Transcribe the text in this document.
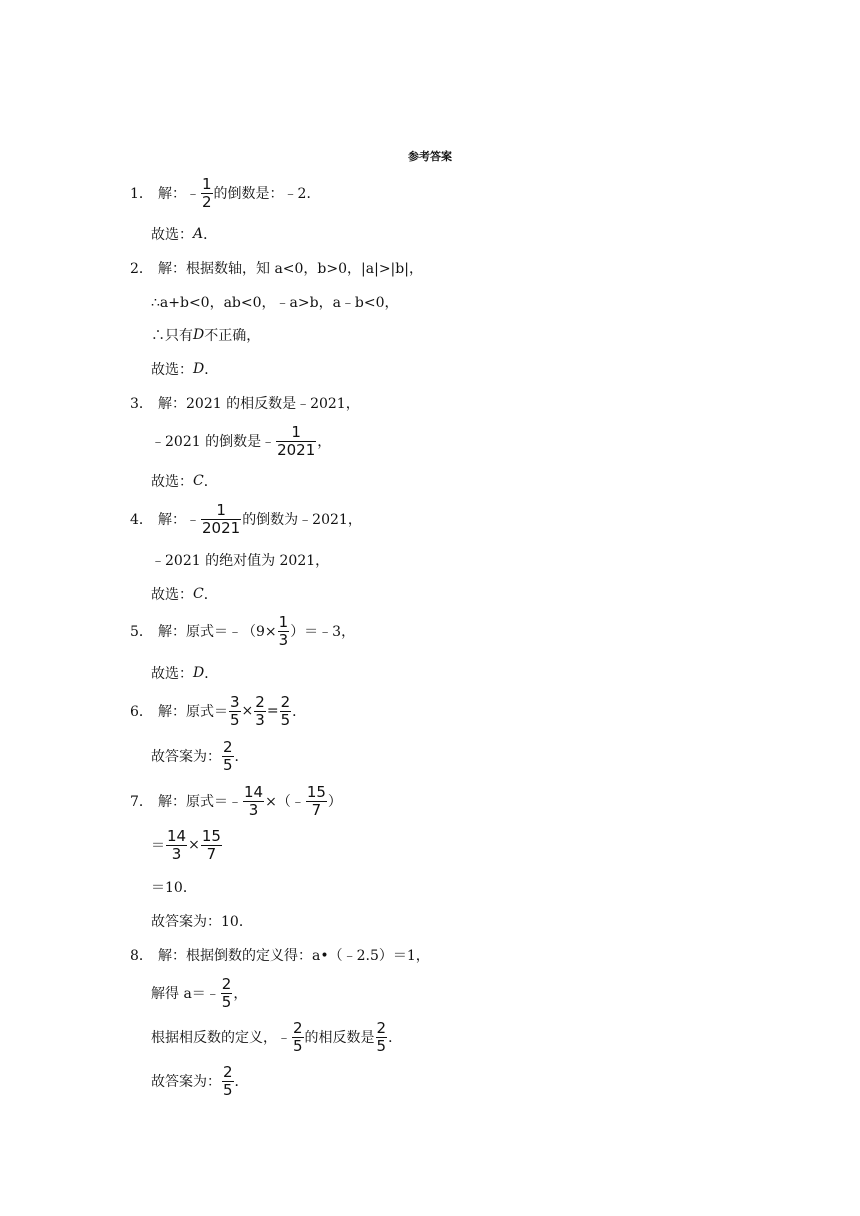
参考答案
1． 解：﹣ $\frac{1}{2}$ 的倒数是：﹣2．
故选： A ．
2． 解：根据数轴，知 a<0，b>0，|a|>|b|，
∴a+b<0，ab<0，﹣a>b，a﹣b<0，
∴只有 D 不正确，
故选： D ．
3． 解：2021 的相反数是﹣2021，
﹣2021 的倒数是﹣ $\frac{1}{2021}$ ，
故选： C ．
4． 解：﹣ $\frac{1}{2021}$ 的倒数为﹣2021，
﹣2021 的绝对值为 2021，
故选： C ．
5． 解：原式＝﹣（9× $\frac{1}{3}$ ）＝﹣3，
故选： D ．
6． 解：原式＝ $\frac{3}{5} \times \frac{2}{3} = \frac{2}{5}$ ．
故答案为： $\frac{2}{5}$ ．
7． 解：原式＝﹣ $\frac{14}{3}$ ×（﹣ $\frac{15}{7}$ ）
＝ $\frac{14}{3} \times \frac{15}{7}$
＝10．
故答案为：10．
8． 解：根据倒数的定义得：a•（﹣2.5）＝1，
解得 a＝﹣ $\frac{2}{5}$ ，
根据相反数的定义，﹣ $\frac{2}{5}$ 的相反数是 $\frac{2}{5}$ ．
故答案为： $\frac{2}{5}$ ．
